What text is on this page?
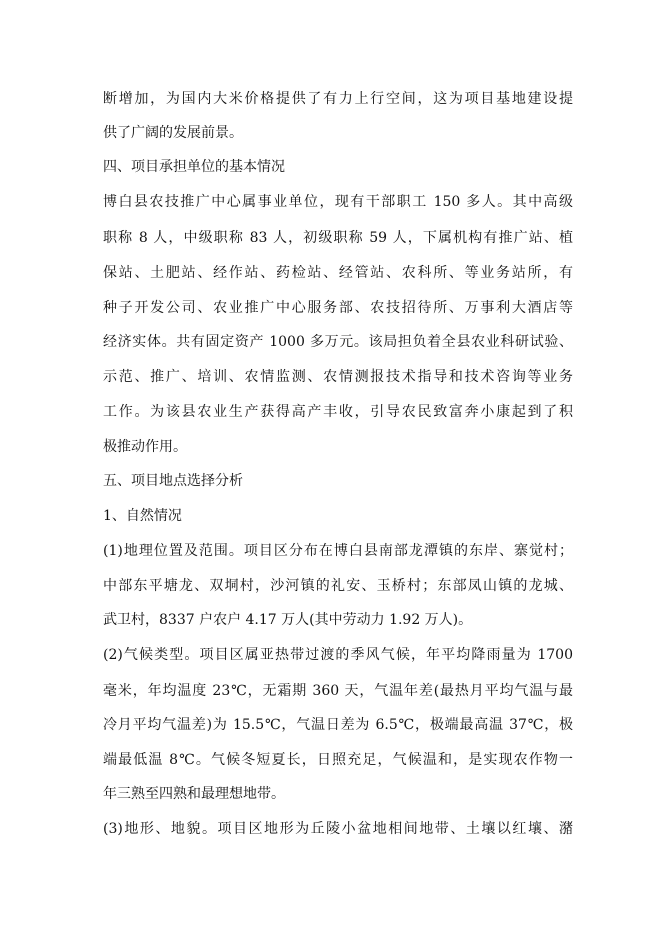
断增加，为国内大米价格提供了有力上行空间，这为项目基地建设提
供了广阔的发展前景。
四、项目承担单位的基本情况
博白县农技推广中心属事业单位，现有干部职工 150 多人。其中高级
职称 8 人，中级职称 83 人，初级职称 59 人，下属机构有推广站、植
保站、土肥站、经作站、药检站、经管站、农科所、等业务站所，有
种子开发公司、农业推广中心服务部、农技招待所、万事利大酒店等
经济实体。共有固定资产 1000 多万元。该局担负着全县农业科研试验、
示范、推广、培训、农情监测、农情测报技术指导和技术咨询等业务
工作。为该县农业生产获得高产丰收，引导农民致富奔小康起到了积
极推动作用。
五、项目地点选择分析
1、自然情况
(1)地理位置及范围。项目区分布在博白县南部龙潭镇的东岸、寨觉村；
中部东平塘龙、双垌村，沙河镇的礼安、玉桥村；东部凤山镇的龙城、
武卫村，8337 户农户 4.17 万人(其中劳动力 1.92 万人)。
(2)气候类型。项目区属亚热带过渡的季风气候，年平均降雨量为 1700
毫米，年均温度 23℃，无霜期 360 天，气温年差(最热月平均气温与最
冷月平均气温差)为 15.5℃，气温日差为 6.5℃，极端最高温 37℃，极
端最低温 8℃。气候冬短夏长，日照充足，气候温和，是实现农作物一
年三熟至四熟和最理想地带。
(3)地形、地貌。项目区地形为丘陵小盆地相间地带、土壤以红壤、潴
